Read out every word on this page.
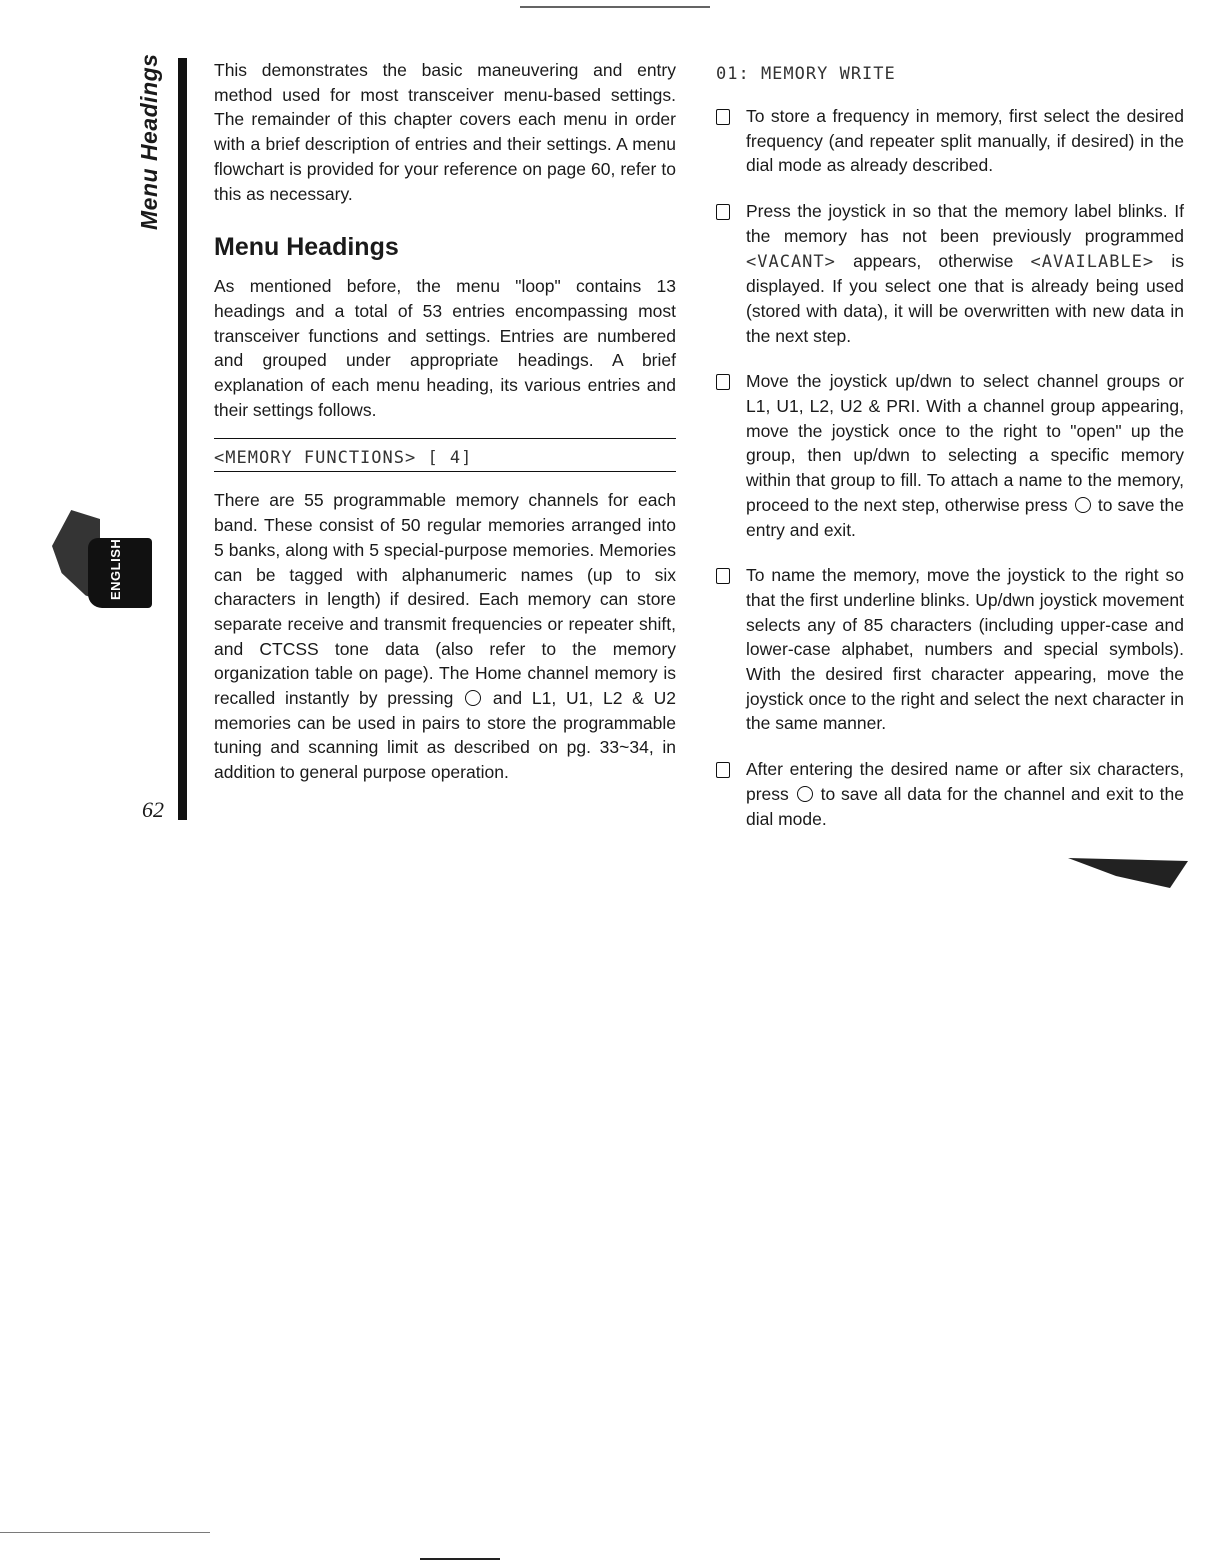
Menu Headings
62
ENGLISH

This demonstrates the basic maneuvering and entry method used for most transceiver menu-based settings. The remainder of this chapter covers each menu in order with a brief description of entries and their settings. A menu flowchart is provided for your reference on page 60, refer to this as necessary.

Menu Headings

As mentioned before, the menu "loop" contains 13 headings and a total of 53 entries encompassing most transceiver functions and settings. Entries are numbered and grouped under appropriate headings. A brief explanation of each menu heading, its various entries and their settings follows.

<MEMORY FUNCTIONS> [ 4]

There are 55 programmable memory channels for each band. These consist of 50 regular memories arranged into 5 banks, along with 5 special-purpose memories. Memories can be tagged with alphanumeric names (up to six characters in length) if desired. Each memory can store separate receive and transmit frequencies or repeater shift, and CTCSS tone data (also refer to the memory organization table on page). The Home channel memory is recalled instantly by pressing and L1, U1, L2 & U2 memories can be used in pairs to store the programmable tuning and scanning limit as described on pg. 33~34, in addition to general purpose operation.

01: MEMORY WRITE

To store a frequency in memory, first select the desired frequency (and repeater split manually, if desired) in the dial mode as already described.

Press the joystick in so that the memory label blinks. If the memory has not been previously programmed <VACANT> appears, otherwise <AVAILABLE> is displayed. If you select one that is already being used (stored with data), it will be overwritten with new data in the next step.

Move the joystick up/dwn to select channel groups or L1, U1, L2, U2 & PRI. With a channel group appearing, move the joystick once to the right to "open" up the group, then up/dwn to selecting a specific memory within that group to fill. To attach a name to the memory, proceed to the next step, otherwise press to save the entry and exit.

To name the memory, move the joystick to the right so that the first underline blinks. Up/dwn joystick movement selects any of 85 characters (including upper-case and lower-case alphabet, numbers and special symbols). With the desired first character appearing, move the joystick once to the right and select the next character in the same manner.

After entering the desired name or after six characters, press to save all data for the channel and exit to the dial mode.
